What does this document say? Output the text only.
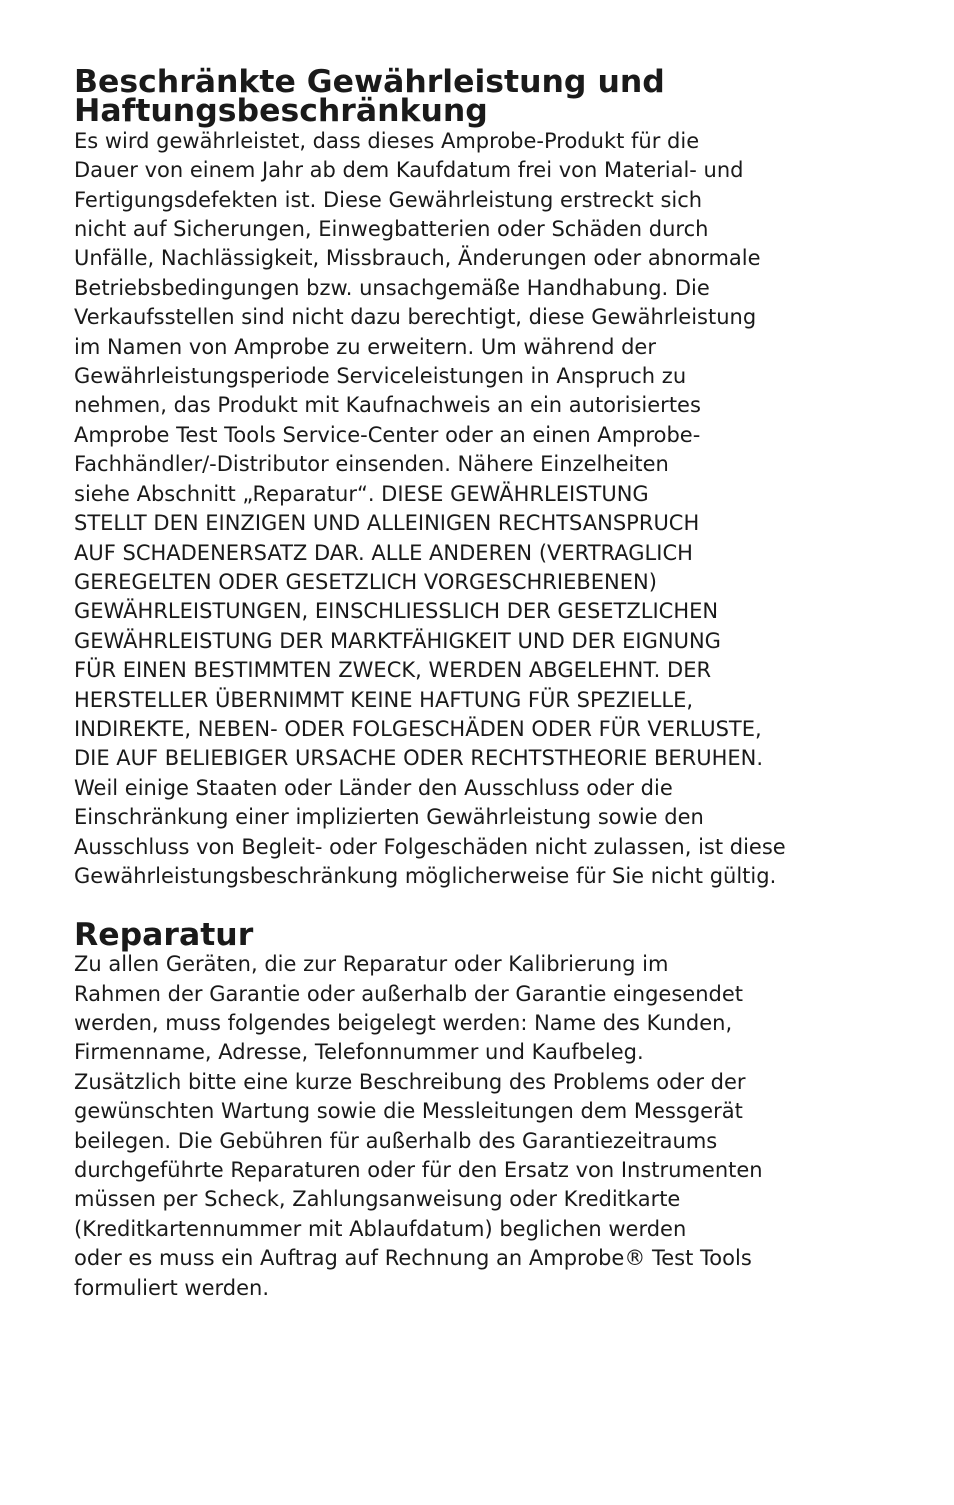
Beschränkte Gewährleistung und Haftungsbeschränkung
Es wird gewährleistet, dass dieses Amprobe-Produkt für die
Dauer von einem Jahr ab dem Kaufdatum frei von Material- und
Fertigungsdefekten ist. Diese Gewährleistung erstreckt sich
nicht auf Sicherungen, Einwegbatterien oder Schäden durch
Unfälle, Nachlässigkeit, Missbrauch, Änderungen oder abnormale
Betriebsbedingungen bzw. unsachgemäße Handhabung. Die
Verkaufsstellen sind nicht dazu berechtigt, diese Gewährleistung
im Namen von Amprobe zu erweitern. Um während der
Gewährleistungsperiode Serviceleistungen in Anspruch zu
nehmen, das Produkt mit Kaufnachweis an ein autorisiertes
Amprobe Test Tools Service-Center oder an einen Amprobe-
Fachhändler/-Distributor einsenden. Nähere Einzelheiten
siehe Abschnitt „Reparatur“. DIESE GEWÄHRLEISTUNG
STELLT DEN EINZIGEN UND ALLEINIGEN RECHTSANSPRUCH
AUF SCHADENERSATZ DAR. ALLE ANDEREN (VERTRAGLICH
GEREGELTEN ODER GESETZLICH VORGESCHRIEBENEN)
GEWÄHRLEISTUNGEN, EINSCHLIESSLICH DER GESETZLICHEN
GEWÄHRLEISTUNG DER MARKTFÄHIGKEIT UND DER EIGNUNG
FÜR EINEN BESTIMMTEN ZWECK, WERDEN ABGELEHNT. DER
HERSTELLER ÜBERNIMMT KEINE HAFTUNG FÜR SPEZIELLE,
INDIREKTE, NEBEN- ODER FOLGESCHÄDEN ODER FÜR VERLUSTE,
DIE AUF BELIEBIGER URSACHE ODER RECHTSTHEORIE BERUHEN.
Weil einige Staaten oder Länder den Ausschluss oder die
Einschränkung einer implizierten Gewährleistung sowie den
Ausschluss von Begleit- oder Folgeschäden nicht zulassen, ist diese
Gewährleistungsbeschränkung möglicherweise für Sie nicht gültig.
Reparatur
Zu allen Geräten, die zur Reparatur oder Kalibrierung im
Rahmen der Garantie oder außerhalb der Garantie eingesendet
werden, muss folgendes beigelegt werden: Name des Kunden,
Firmenname, Adresse, Telefonnummer und Kaufbeleg.
Zusätzlich bitte eine kurze Beschreibung des Problems oder der
gewünschten Wartung sowie die Messleitungen dem Messgerät
beilegen. Die Gebühren für außerhalb des Garantiezeitraums
durchgeführte Reparaturen oder für den Ersatz von Instrumenten
müssen per Scheck, Zahlungsanweisung oder Kreditkarte
(Kreditkartennummer mit Ablaufdatum) beglichen werden
oder es muss ein Auftrag auf Rechnung an Amprobe® Test Tools
formuliert werden.
